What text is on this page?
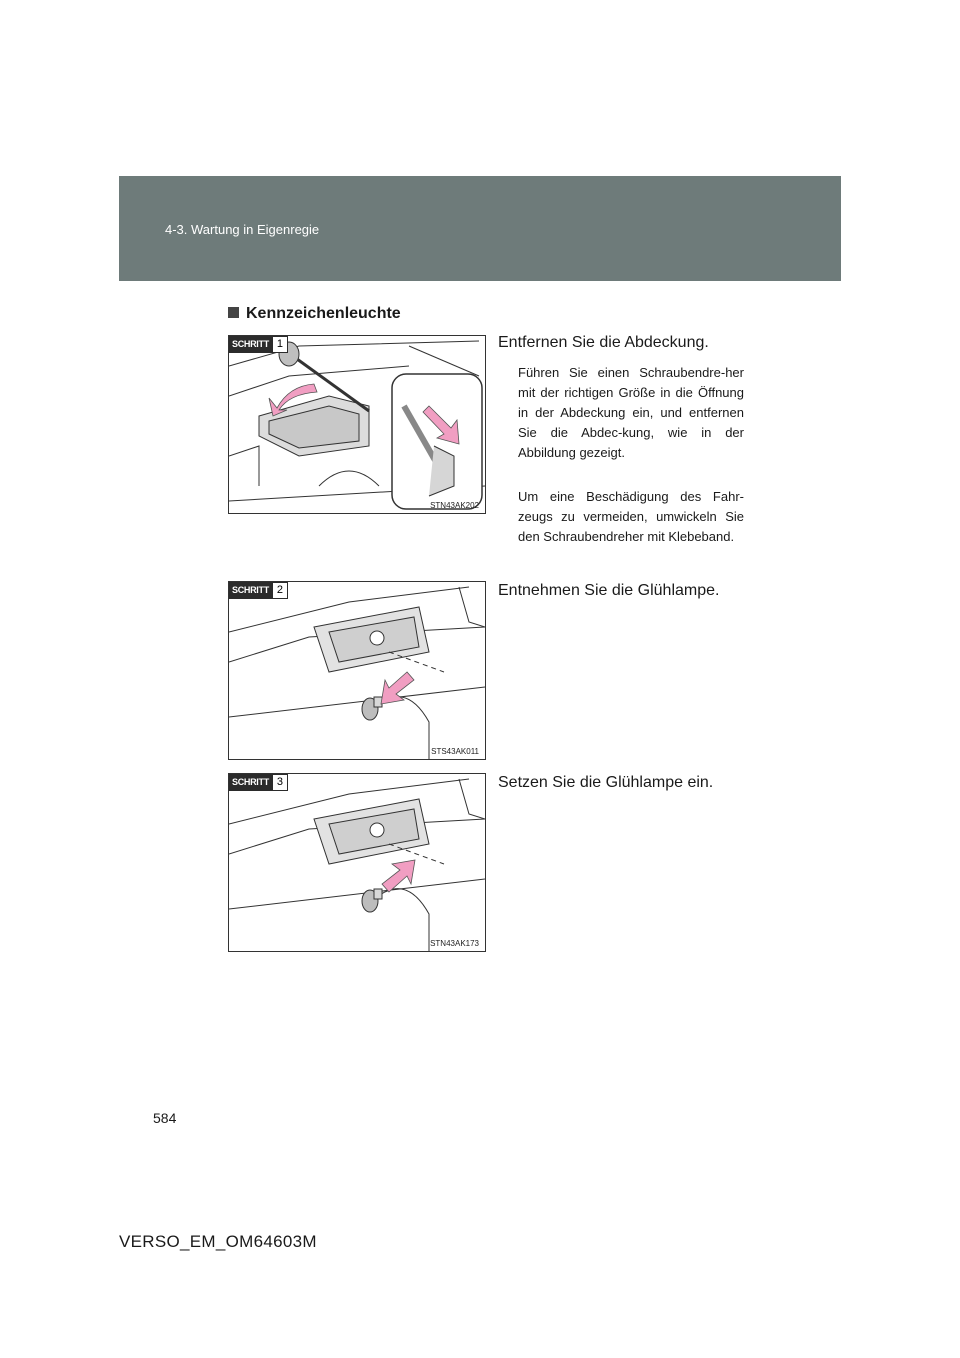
4-3. Wartung in Eigenregie
Kennzeichenleuchte
SCHRITT 1
STN43AK202
Entfernen Sie die Abdeckung.

Führen Sie einen Schraubendre-her mit der richtigen Größe in die Öffnung in der Abdeckung ein, und entfernen Sie die Abdec-kung, wie in der Abbildung gezeigt.

Um eine Beschädigung des Fahr-zeugs zu vermeiden, umwickeln Sie den Schraubendreher mit Klebeband.

SCHRITT 2
STS43AK011
Entnehmen Sie die Glühlampe.
SCHRITT 3
STN43AK173
Setzen Sie die Glühlampe ein.
584
VERSO_EM_OM64603M
